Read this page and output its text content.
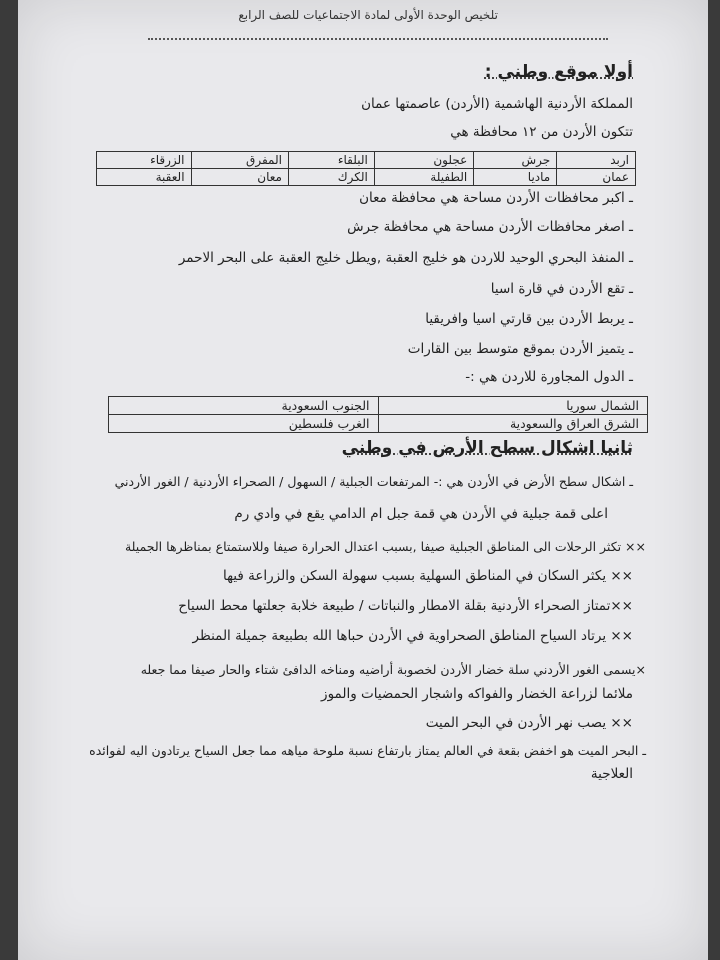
تلخيص الوحدة الأولى لمادة الاجتماعيات للصف الرابع
أولا موقع وطني :
المملكة الأردنية الهاشمية (الأردن) عاصمتها عمان
تتكون الأردن من ١٢ محافظة هي
اربد	جرش	عجلون	البلقاء	المفرق	الزرقاء
عمان	ماديا	الطفيلة	الكرك	معان	العقبة
ـ اكبر محافظات الأردن مساحة هي محافظة معان
ـ اصغر محافظات الأردن مساحة هي محافظة جرش
ـ المنفذ البحري الوحيد للاردن هو خليج العقبة ,ويطل خليج العقبة على البحر الاحمر
ـ تقع الأردن في قارة اسيا
ـ يربط الأردن بين قارتي اسيا وافريقيا
ـ يتميز الأردن بموقع متوسط بين القارات
ـ الدول المجاورة للاردن هي :-
الشمال سوريا	الجنوب السعودية
الشرق العراق والسعودية	الغرب فلسطين
ثانيا اشكال سطح الأرض في وطني
ـ اشكال سطح الأرض في الأردن هي :- المرتفعات الجبلية / السهول / الصحراء الأردنية / الغور الأردني
اعلى قمة جبلية في الأردن هي قمة جبل ام الدامي يقع في وادي رم
×× تكثر الرحلات الى المناطق الجبلية صيفا ,بسبب اعتدال الحرارة صيفا وللاستمتاع بمناظرها الجميلة
×× يكثر السكان في المناطق السهلية بسبب سهولة السكن والزراعة فيها
××تمتاز الصحراء الأردنية بقلة الامطار والنباتات / طبيعة خلابة جعلتها محط السياح
×× يرتاد السياح المناطق الصحراوية في الأردن حباها الله بطبيعة جميلة المنظر
×يسمى الغور الأردني سلة خضار الأردن لخصوبة أراضيه ومناخه الدافئ شتاء والحار صيفا مما جعله
ملائما لزراعة الخضار والفواكه واشجار الحمضيات والموز
×× يصب نهر الأردن في البحر الميت
ـ البحر الميت هو اخفض بقعة في العالم يمتاز بارتفاع نسبة ملوحة مياهه مما جعل السياح يرتادون اليه لفوائده
العلاجية
